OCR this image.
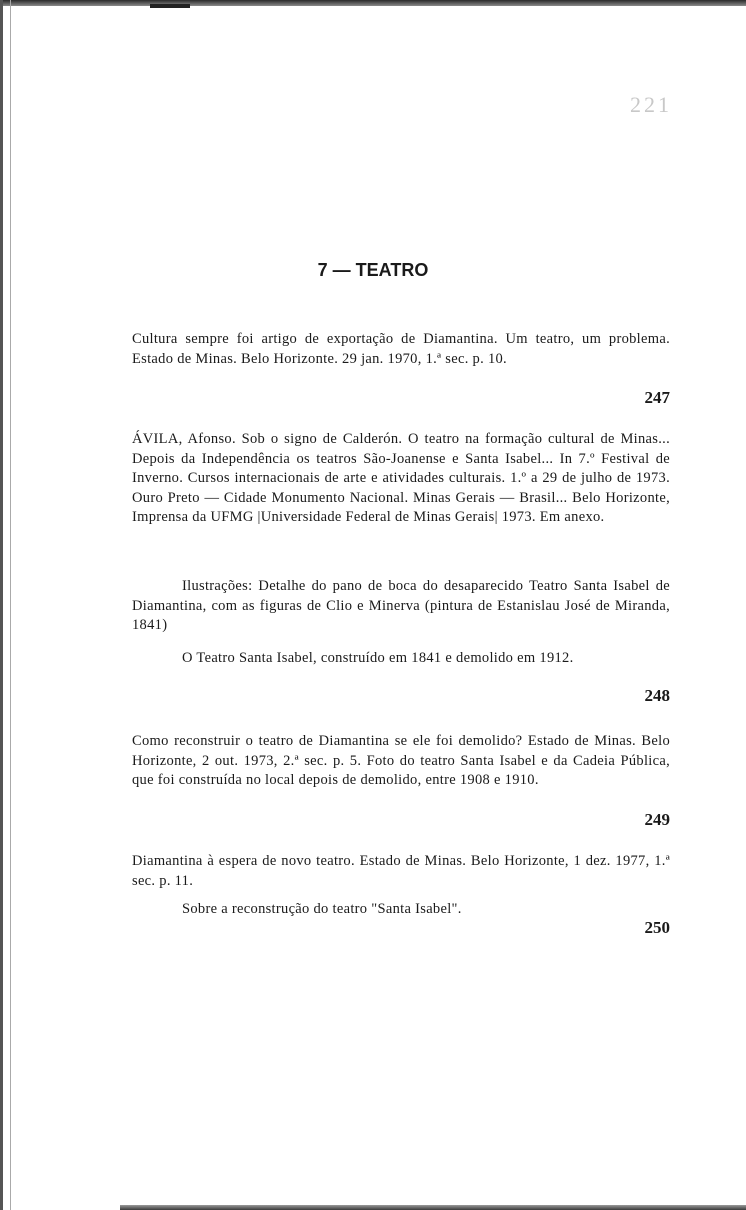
221
7 — TEATRO
Cultura sempre foi artigo de exportação de Diamantina. Um teatro, um problema. Estado de Minas. Belo Horizonte. 29 jan. 1970, 1.ª sec. p. 10.
247
ÁVILA, Afonso. Sob o signo de Calderón. O teatro na formação cultural de Minas... Depois da Independência os teatros São-Joanense e Santa Isabel... In 7.º Festival de Inverno. Cursos internacionais de arte e atividades culturais. 1.º a 29 de julho de 1973. Ouro Preto — Cidade Monumento Nacional. Minas Gerais — Brasil... Belo Horizonte, Imprensa da UFMG |Universidade Federal de Minas Gerais| 1973. Em anexo.
Ilustrações: Detalhe do pano de boca do desaparecido Teatro Santa Isabel de Diamantina, com as figuras de Clio e Minerva (pintura de Estanislau José de Miranda, 1841)
O Teatro Santa Isabel, construído em 1841 e demolido em 1912.
248
Como reconstruir o teatro de Diamantina se ele foi demolido? Estado de Minas. Belo Horizonte, 2 out. 1973, 2.ª sec. p. 5. Foto do teatro Santa Isabel e da Cadeia Pública, que foi construída no local depois de demolido, entre 1908 e 1910.
249
Diamantina à espera de novo teatro. Estado de Minas. Belo Horizonte, 1 dez. 1977, 1.ª sec. p. 11.
Sobre a reconstrução do teatro "Santa Isabel".
250
